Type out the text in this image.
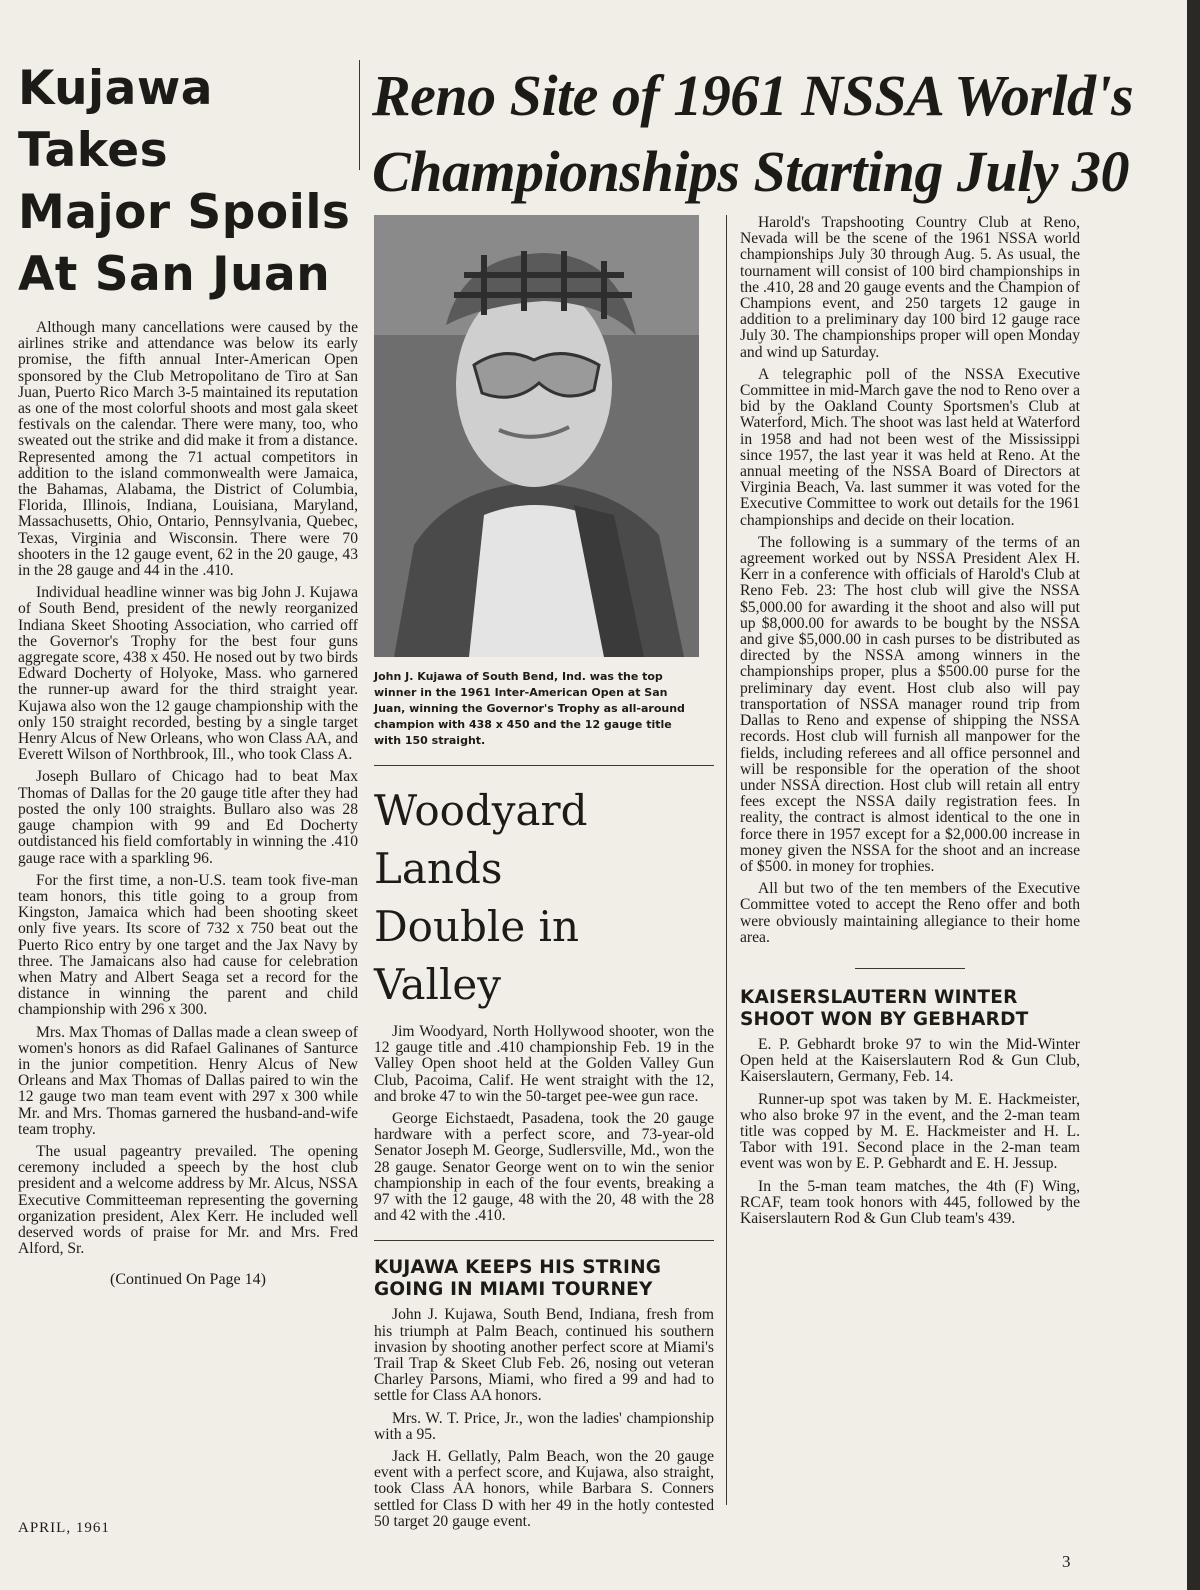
Kujawa Takes
Major Spoils
At San Juan

Although many cancellations were caused by the airlines strike and attendance was below its early promise, the fifth annual Inter-American Open sponsored by the Club Metropolitano de Tiro at San Juan, Puerto Rico March 3-5 maintained its reputation as one of the most colorful shoots and most gala skeet festivals on the calendar. There were many, too, who sweated out the strike and did make it from a distance. Represented among the 71 actual competitors in addition to the island commonwealth were Jamaica, the Bahamas, Alabama, the District of Columbia, Florida, Illinois, Indiana, Louisiana, Maryland, Massachusetts, Ohio, Ontario, Pennsylvania, Quebec, Texas, Virginia and Wisconsin. There were 70 shooters in the 12 gauge event, 62 in the 20 gauge, 43 in the 28 gauge and 44 in the .410.

Individual headline winner was big John J. Kujawa of South Bend, president of the newly reorganized Indiana Skeet Shooting Association, who carried off the Governor's Trophy for the best four guns aggregate score, 438 x 450. He nosed out by two birds Edward Docherty of Holyoke, Mass. who garnered the runner-up award for the third straight year. Kujawa also won the 12 gauge championship with the only 150 straight recorded, besting by a single target Henry Alcus of New Orleans, who won Class AA, and Everett Wilson of Northbrook, Ill., who took Class A.

Joseph Bullaro of Chicago had to beat Max Thomas of Dallas for the 20 gauge title after they had posted the only 100 straights. Bullaro also was 28 gauge champion with 99 and Ed Docherty outdistanced his field comfortably in winning the .410 gauge race with a sparkling 96.

For the first time, a non-U.S. team took five-man team honors, this title going to a group from Kingston, Jamaica which had been shooting skeet only five years. Its score of 732 x 750 beat out the Puerto Rico entry by one target and the Jax Navy by three. The Jamaicans also had cause for celebration when Matry and Albert Seaga set a record for the distance in winning the parent and child championship with 296 x 300.

Mrs. Max Thomas of Dallas made a clean sweep of women's honors as did Rafael Galinanes of Santurce in the junior competition. Henry Alcus of New Orleans and Max Thomas of Dallas paired to win the 12 gauge two man team event with 297 x 300 while Mr. and Mrs. Thomas garnered the husband-and-wife team trophy.

The usual pageantry prevailed. The opening ceremony included a speech by the host club president and a welcome address by Mr. Alcus, NSSA Executive Committeeman representing the governing organization president, Alex Kerr. He included well deserved words of praise for Mr. and Mrs. Fred Alford, Sr.

(Continued On Page 14)
Reno Site of 1961 NSSA World's
Championships Starting July 30

John J. Kujawa of South Bend, Ind. was the top winner in the 1961 Inter-American Open at San Juan, winning the Governor's Trophy as all-around champion with 438 x 450 and the 12 gauge title with 150 straight.

Woodyard Lands
Double in Valley

Jim Woodyard, North Hollywood shooter, won the 12 gauge title and .410 championship Feb. 19 in the Valley Open shoot held at the Golden Valley Gun Club, Pacoima, Calif. He went straight with the 12, and broke 47 to win the 50-target pee-wee gun race.

George Eichstaedt, Pasadena, took the 20 gauge hardware with a perfect score, and 73-year-old Senator Joseph M. George, Sudlersville, Md., won the 28 gauge. Senator George went on to win the senior championship in each of the four events, breaking a 97 with the 12 gauge, 48 with the 20, 48 with the 28 and 42 with the .410.

KUJAWA KEEPS HIS STRING GOING IN MIAMI TOURNEY

John J. Kujawa, South Bend, Indiana, fresh from his triumph at Palm Beach, continued his southern invasion by shooting another perfect score at Miami's Trail Trap & Skeet Club Feb. 26, nosing out veteran Charley Parsons, Miami, who fired a 99 and had to settle for Class AA honors.

Mrs. W. T. Price, Jr., won the ladies' championship with a 95.

Jack H. Gellatly, Palm Beach, won the 20 gauge event with a perfect score, and Kujawa, also straight, took Class AA honors, while Barbara S. Conners settled for Class D with her 49 in the hotly contested 50 target 20 gauge event.

Harold's Trapshooting Country Club at Reno, Nevada will be the scene of the 1961 NSSA world championships July 30 through Aug. 5. As usual, the tournament will consist of 100 bird championships in the .410, 28 and 20 gauge events and the Champion of Champions event, and 250 targets 12 gauge in addition to a preliminary day 100 bird 12 gauge race July 30. The championships proper will open Monday and wind up Saturday.

A telegraphic poll of the NSSA Executive Committee in mid-March gave the nod to Reno over a bid by the Oakland County Sportsmen's Club at Waterford, Mich. The shoot was last held at Waterford in 1958 and had not been west of the Mississippi since 1957, the last year it was held at Reno. At the annual meeting of the NSSA Board of Directors at Virginia Beach, Va. last summer it was voted for the Executive Committee to work out details for the 1961 championships and decide on their location.

The following is a summary of the terms of an agreement worked out by NSSA President Alex H. Kerr in a conference with officials of Harold's Club at Reno Feb. 23: The host club will give the NSSA $5,000.00 for awarding it the shoot and also will put up $8,000.00 for awards to be bought by the NSSA and give $5,000.00 in cash purses to be distributed as directed by the NSSA among winners in the championships proper, plus a $500.00 purse for the preliminary day event. Host club also will pay transportation of NSSA manager round trip from Dallas to Reno and expense of shipping the NSSA records. Host club will furnish all manpower for the fields, including referees and all office personnel and will be responsible for the operation of the shoot under NSSA direction. Host club will retain all entry fees except the NSSA daily registration fees. In reality, the contract is almost identical to the one in force there in 1957 except for a $2,000.00 increase in money given the NSSA for the shoot and an increase of $500. in money for trophies.

All but two of the ten members of the Executive Committee voted to accept the Reno offer and both were obviously maintaining allegiance to their home area.

KAISERSLAUTERN WINTER SHOOT WON BY GEBHARDT

E. P. Gebhardt broke 97 to win the Mid-Winter Open held at the Kaiserslautern Rod & Gun Club, Kaiserslautern, Germany, Feb. 14.

Runner-up spot was taken by M. E. Hackmeister, who also broke 97 in the event, and the 2-man team title was copped by M. E. Hackmeister and H. L. Tabor with 191. Second place in the 2-man team event was won by E. P. Gebhardt and E. H. Jessup.

In the 5-man team matches, the 4th (F) Wing, RCAF, team took honors with 445, followed by the Kaiserslautern Rod & Gun Club team's 439.

APRIL, 1961
3
